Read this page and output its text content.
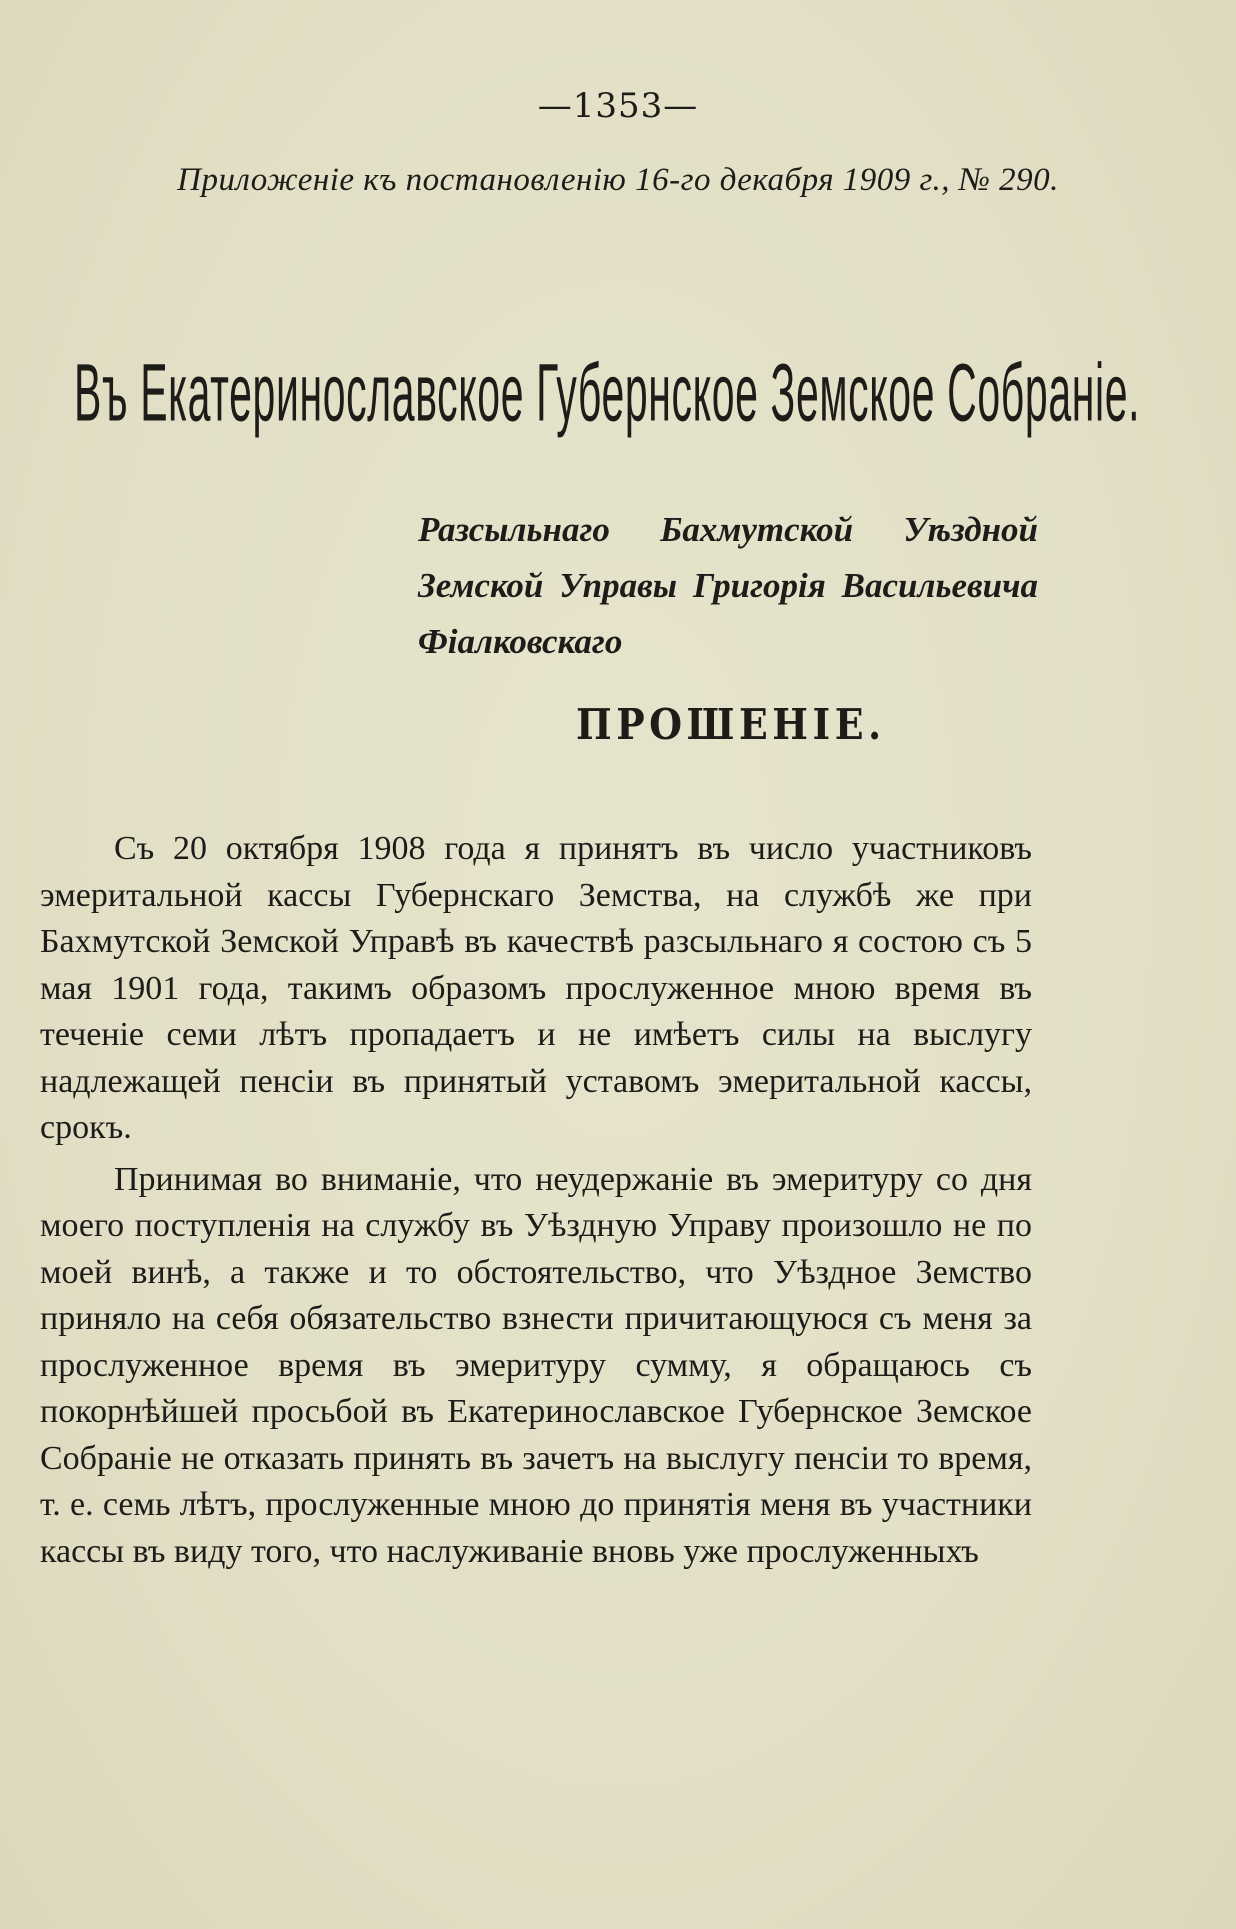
—1353—
Приложеніе къ постановленію 16-го декабря 1909 г., № 290.
Въ Екатеринославское Губернское Земское Собраніе.
Разсыльнаго Бахмутской Уѣздной
Земской Управы Григорія Васильевича
Фіалковскаго
ПРОШЕНІЕ.

Съ 20 октября 1908 года я принятъ въ число участниковъ эмеритальной кассы Губернскаго Земства, на службѣ же при Бахмутской Земской Управѣ въ качествѣ разсыльнаго я состою съ 5 мая 1901 года, такимъ образомъ прослуженное мною время въ теченіе семи лѣтъ пропадаетъ и не имѣетъ силы на выслугу надлежащей пенсіи въ принятый уставомъ эмеритальной кассы, срокъ.

Принимая во вниманіе, что неудержаніе въ эмеритуру со дня моего поступленія на службу въ Уѣздную Управу произошло не по моей винѣ, а также и то обстоятельство, что Уѣздное Земство приняло на себя обязательство взнести причитающуюся съ меня за прослуженное время въ эмеритуру сумму, я обращаюсь съ покорнѣйшей просьбой въ Екатеринославское Губернское Земское Собраніе не отказать принять въ зачетъ на выслугу пенсіи то время, т. е. семь лѣтъ, прослуженные мною до принятія меня въ участники кассы въ виду того, что наслуживаніе вновь уже прослуженныхъ
